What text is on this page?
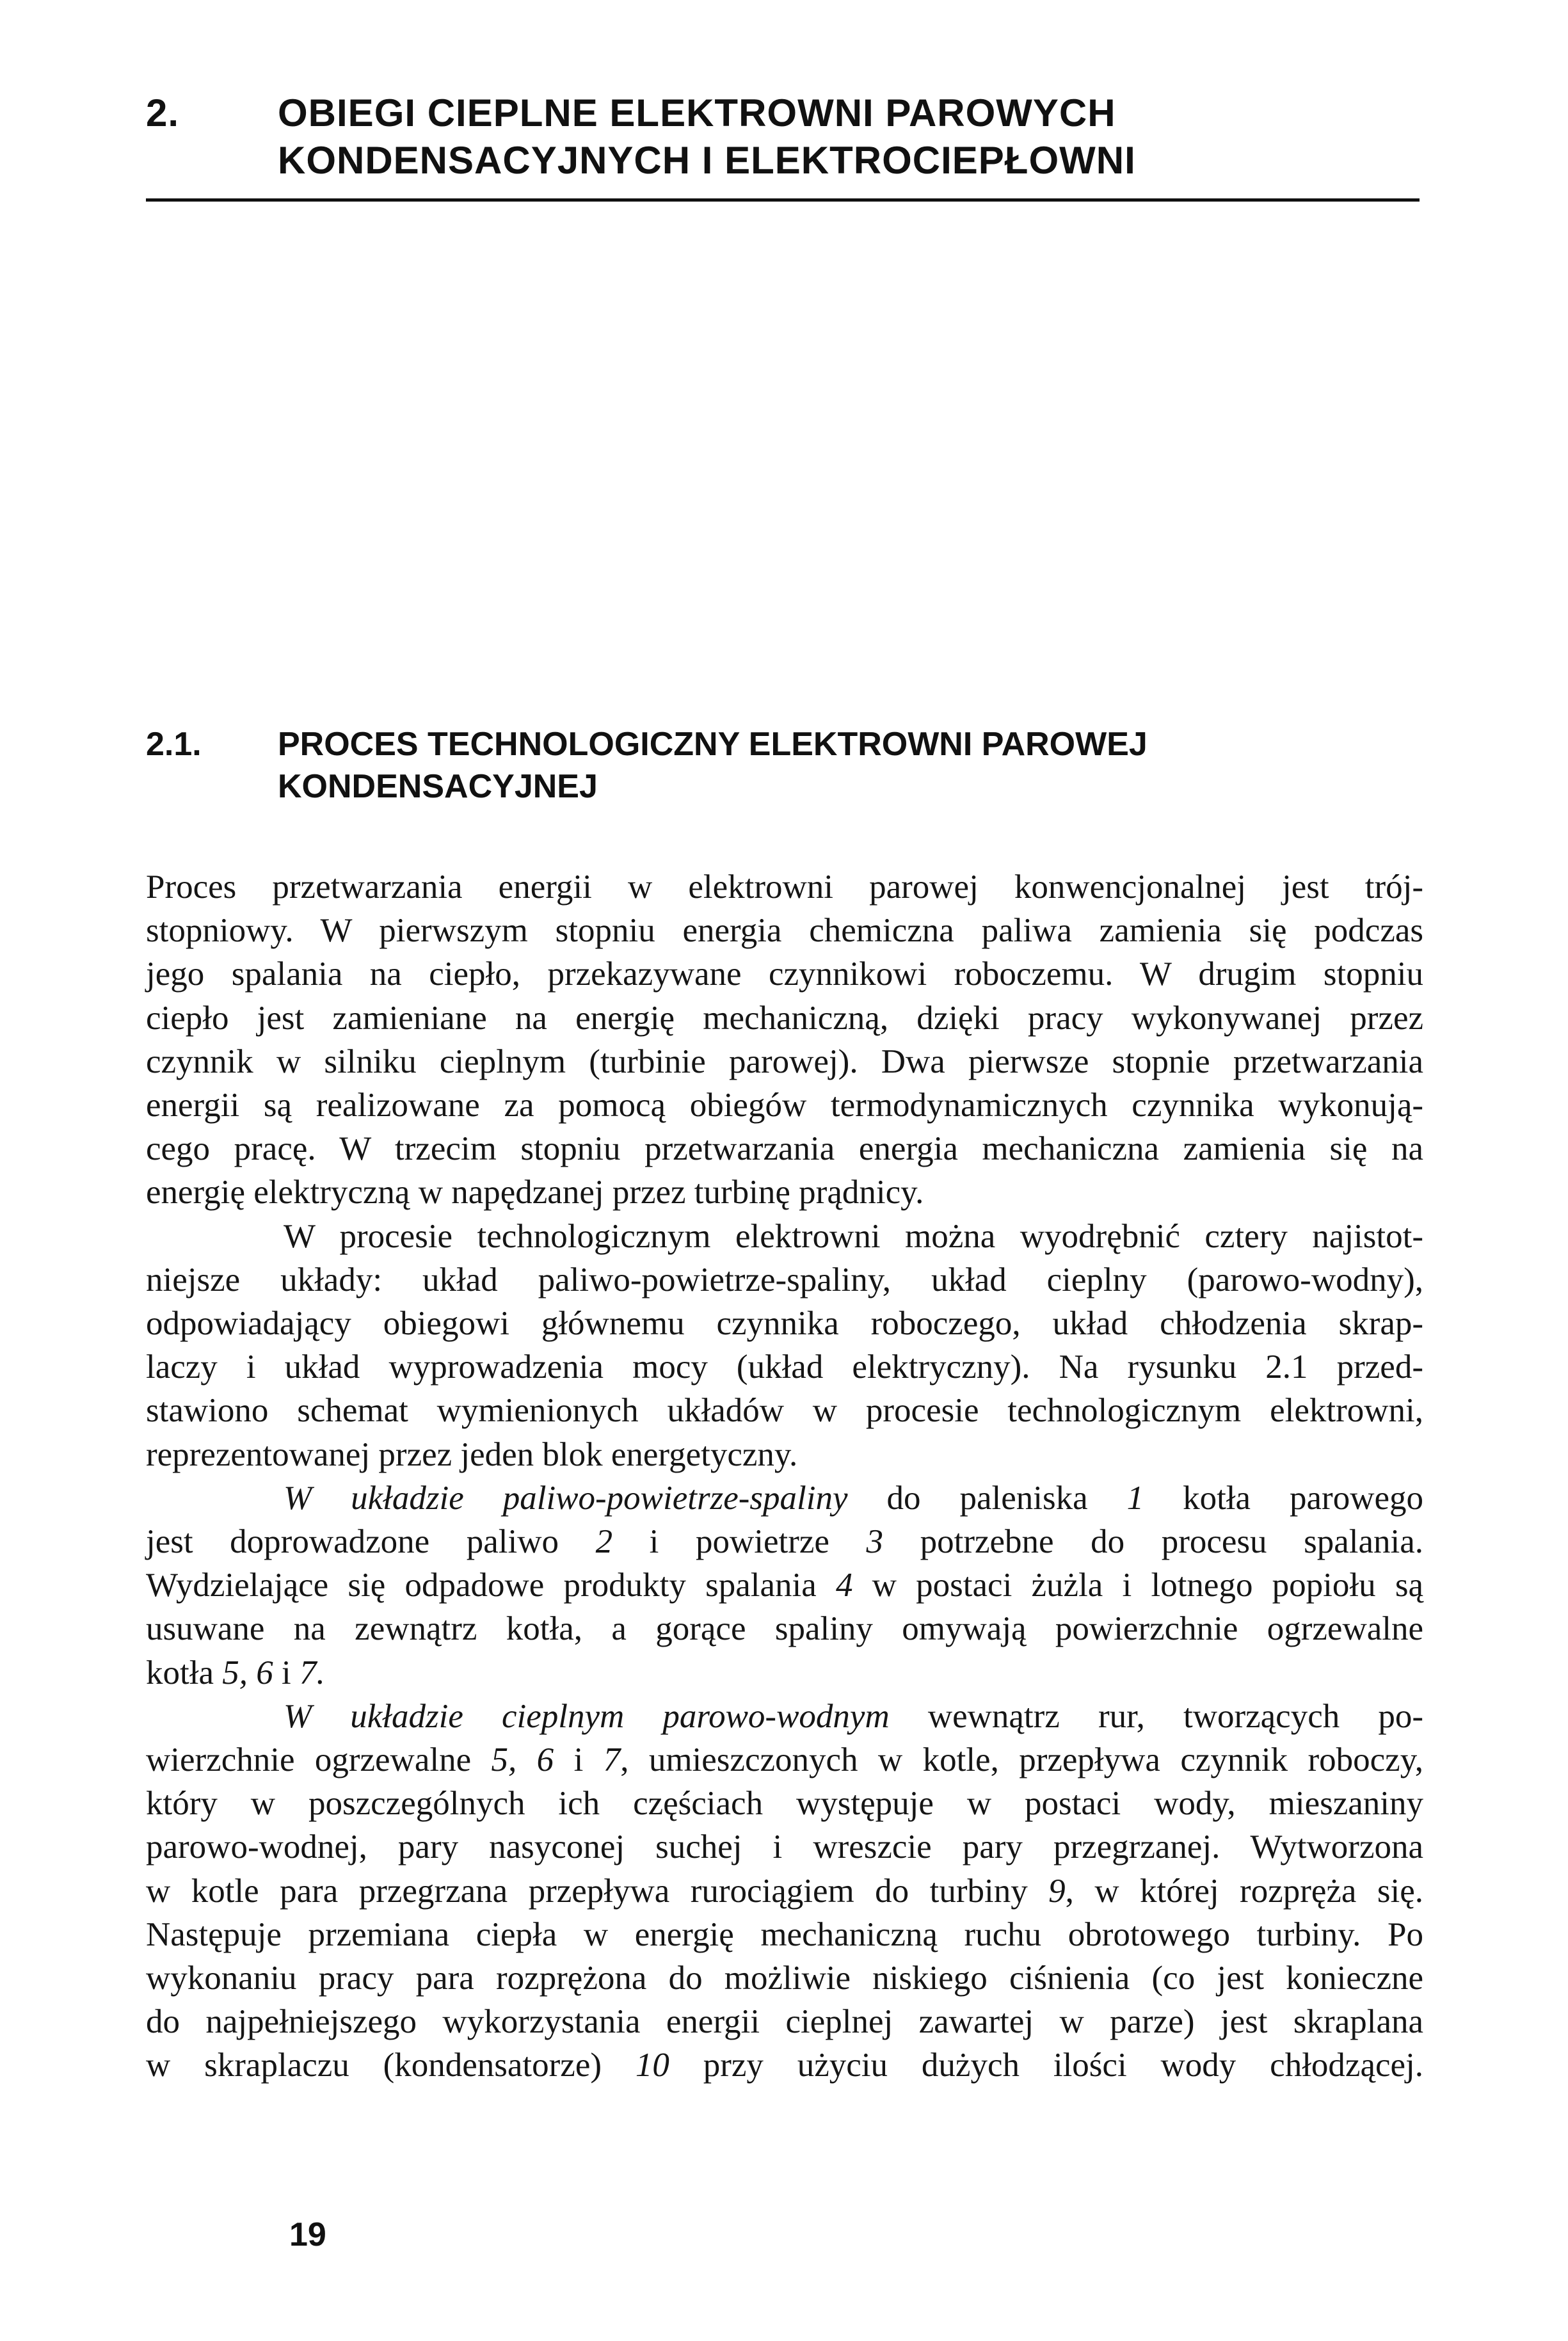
2.	OBIEGI CIEPLNE ELEKTROWNI PAROWYCH
KONDENSACYJNYCH I ELEKTROCIEPŁOWNI
2.1. PROCES TECHNOLOGICZNY ELEKTROWNI PAROWEJ
KONDENSACYJNEJ

Proces przetwarzania energii w elektrowni parowej konwencjonalnej jest trój-

stopniowy. W pierwszym stopniu energia chemiczna paliwa zamienia się podczas

jego spalania na ciepło, przekazywane czynnikowi roboczemu. W drugim stopniu

ciepło jest zamieniane na energię mechaniczną, dzięki pracy wykonywanej przez

czynnik w silniku cieplnym (turbinie parowej). Dwa pierwsze stopnie przetwarzania

energii są realizowane za pomocą obiegów termodynamicznych czynnika wykonują-

cego pracę. W trzecim stopniu przetwarzania energia mechaniczna zamienia się na

energię elektryczną w napędzanej przez turbinę prądnicy.

W procesie technologicznym elektrowni można wyodrębnić cztery najistot-

niejsze układy: układ paliwo-powietrze-spaliny, układ cieplny (parowo-wodny),

odpowiadający obiegowi głównemu czynnika roboczego, układ chłodzenia skrap-

laczy i układ wyprowadzenia mocy (układ elektryczny). Na rysunku 2.1 przed-

stawiono schemat wymienionych układów w procesie technologicznym elektrowni,

reprezentowanej przez jeden blok energetyczny.

W układzie paliwo-powietrze-spaliny do paleniska 1 kotła parowego

jest doprowadzone paliwo 2 i powietrze 3 potrzebne do procesu spalania.

Wydzielające się odpadowe produkty spalania 4 w postaci żużla i lotnego popiołu są

usuwane na zewnątrz kotła, a gorące spaliny omywają powierzchnie ogrzewalne

kotła 5, 6 i 7.

W układzie cieplnym parowo-wodnym wewnątrz rur, tworzących po-

wierzchnie ogrzewalne 5, 6 i 7, umieszczonych w kotle, przepływa czynnik roboczy,

który w poszczególnych ich częściach występuje w postaci wody, mieszaniny

parowo-wodnej, pary nasyconej suchej i wreszcie pary przegrzanej. Wytworzona

w kotle para przegrzana przepływa rurociągiem do turbiny 9, w której rozpręża się.

Następuje przemiana ciepła w energię mechaniczną ruchu obrotowego turbiny. Po

wykonaniu pracy para rozprężona do możliwie niskiego ciśnienia (co jest konieczne

do najpełniejszego wykorzystania energii cieplnej zawartej w parze) jest skraplana

w skraplaczu (kondensatorze) 10 przy użyciu dużych ilości wody chłodzącej.

19
